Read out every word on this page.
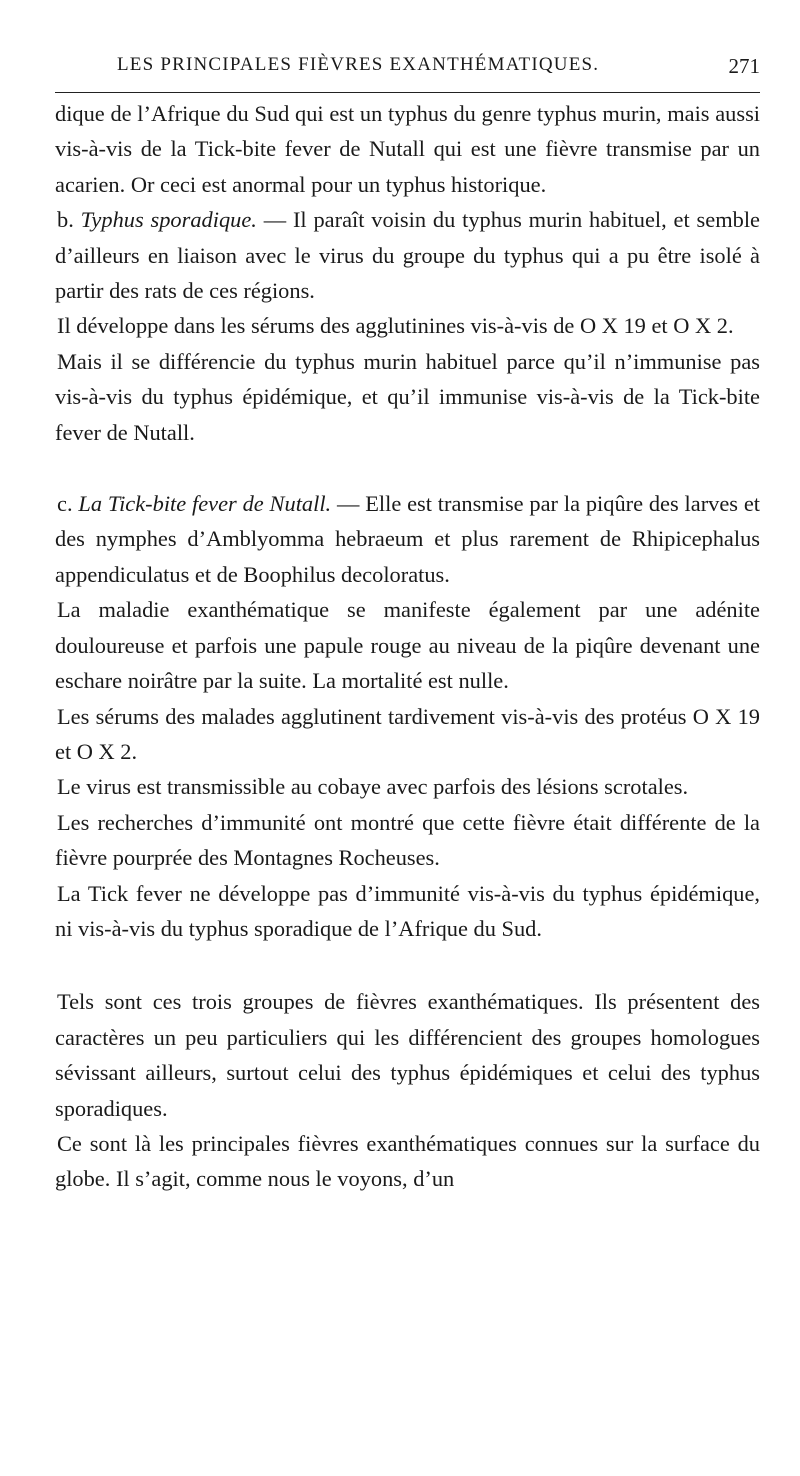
LES PRINCIPALES FIÈVRES EXANTHÉMATIQUES.	271

dique de l’Afrique du Sud qui est un typhus du genre typhus murin, mais aussi vis-à-vis de la Tick-bite fever de Nutall qui est une fièvre transmise par un acarien. Or ceci est anormal pour un typhus historique.

b. Typhus sporadique. — Il paraît voisin du typhus murin habituel, et semble d’ailleurs en liaison avec le virus du groupe du typhus qui a pu être isolé à partir des rats de ces régions.

Il développe dans les sérums des agglutinines vis-à-vis de O X 19 et O X 2.

Mais il se différencie du typhus murin habituel parce qu’il n’immunise pas vis-à-vis du typhus épidémique, et qu’il immunise vis-à-vis de la Tick-bite fever de Nutall.

c. La Tick-bite fever de Nutall. — Elle est transmise par la piqûre des larves et des nymphes d’Amblyomma hebraeum et plus rarement de Rhipicephalus appendiculatus et de Boophilus decoloratus.

La maladie exanthématique se manifeste également par une adénite douloureuse et parfois une papule rouge au niveau de la piqûre devenant une eschare noirâtre par la suite. La mortalité est nulle.

Les sérums des malades agglutinent tardivement vis-à-vis des protéus O X 19 et O X 2.

Le virus est transmissible au cobaye avec parfois des lésions scrotales.

Les recherches d’immunité ont montré que cette fièvre était différente de la fièvre pourprée des Montagnes Rocheuses.

La Tick fever ne développe pas d’immunité vis-à-vis du typhus épidémique, ni vis-à-vis du typhus sporadique de l’Afrique du Sud.

Tels sont ces trois groupes de fièvres exanthématiques. Ils présentent des caractères un peu particuliers qui les différencient des groupes homologues sévissant ailleurs, surtout celui des typhus épidémiques et celui des typhus sporadiques.

Ce sont là les principales fièvres exanthématiques connues sur la surface du globe. Il s’agit, comme nous le voyons, d’un
